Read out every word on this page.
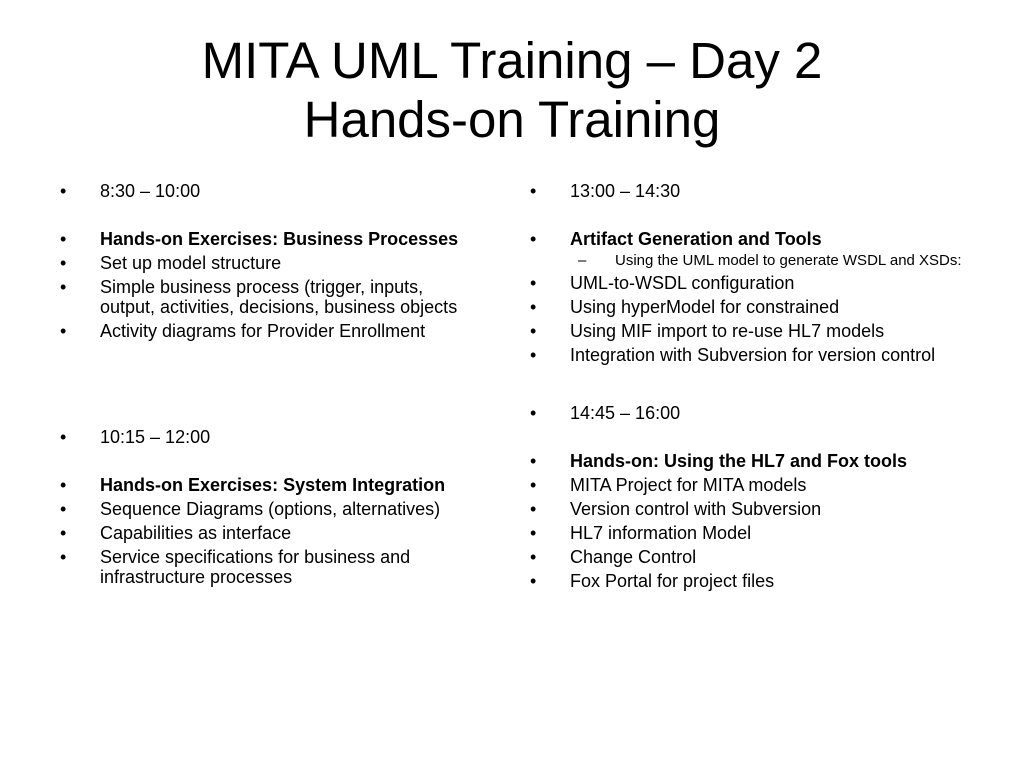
MITA UML Training – Day 2
Hands-on Training
•	8:30 – 10:00
•	Hands-on Exercises: Business Processes
•	Set up model structure
•	Simple business process (trigger, inputs, output, activities, decisions, business objects
•	Activity diagrams for Provider Enrollment
•	10:15 – 12:00
•	Hands-on Exercises: System Integration
•	Sequence Diagrams (options, alternatives)
•	Capabilities as interface
•	Service specifications for business and infrastructure processes
•	13:00 – 14:30
•	Artifact Generation and Tools
– Using the UML model to generate WSDL and XSDs:
•	UML-to-WSDL configuration
•	Using hyperModel for constrained
•	Using MIF import to re-use HL7 models
•	Integration with Subversion for version control
•	14:45 – 16:00
•	Hands-on: Using the HL7 and Fox tools
•	MITA Project for MITA models
•	Version control with Subversion
•	HL7 information Model
•	Change Control
•	Fox Portal for project files
